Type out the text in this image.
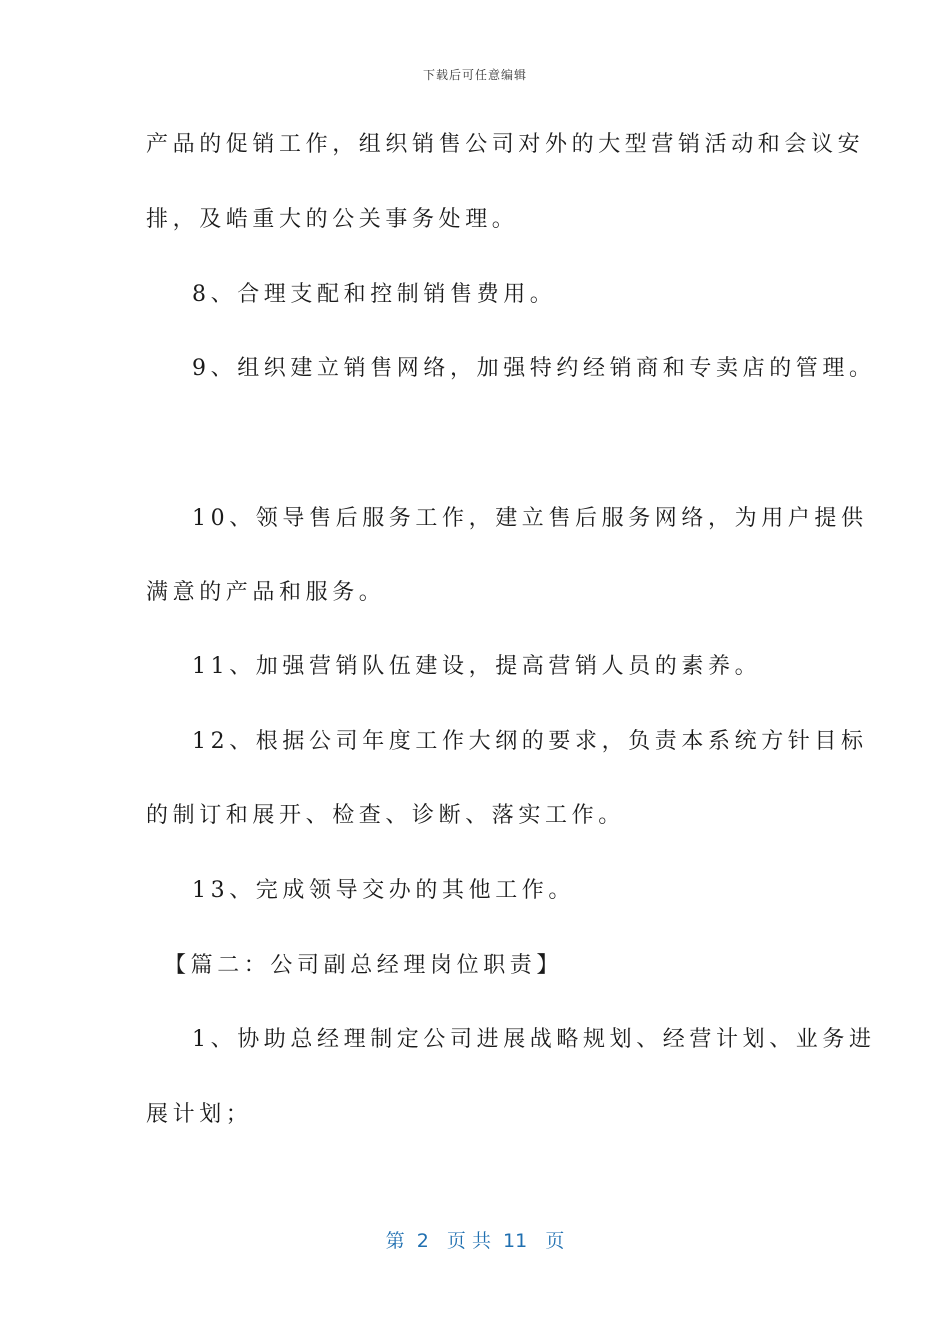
下载后可任意编辑
产品的促销工作，组织销售公司对外的大型营销活动和会议安
排，及峼重大的公关事务处理。
8、合理支配和控制销售费用。
9、组织建立销售网络，加强特约经销商和专卖店的管理。
10、领导售后服务工作，建立售后服务网络，为用户提供
满意的产品和服务。
11、加强营销队伍建设，提高营销人员的素养。
12、根据公司年度工作大纲的要求，负责本系统方针目标
的制订和展开、检查、诊断、落实工作。
13、完成领导交办的其他工作。
【篇二：公司副总经理岗位职责】
1、协助总经理制定公司进展战略规划、经营计划、业务进
展计划；
第  2   页 共  11   页
